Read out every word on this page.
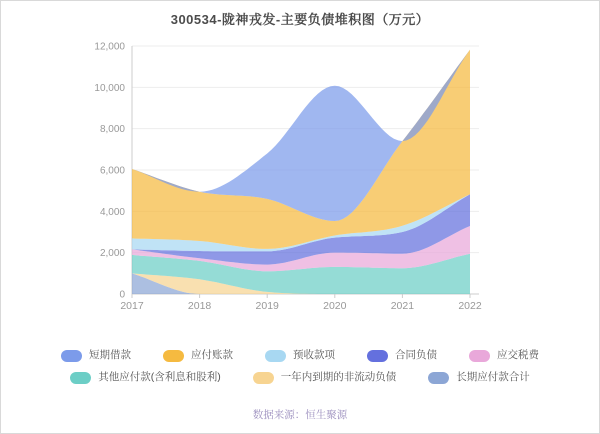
300534-陇神戎发-主要负债堆积图（万元）
0
2,000
4,000
6,000
8,000
10,000
12,000
2017	2018	2019	2020	2021	2022
短期借款	应付账款	预收款项	合同负债	应交税费
其他应付款(含利息和股利)	一年内到期的非流动负债	长期应付款合计
数据来源：恒生聚源
